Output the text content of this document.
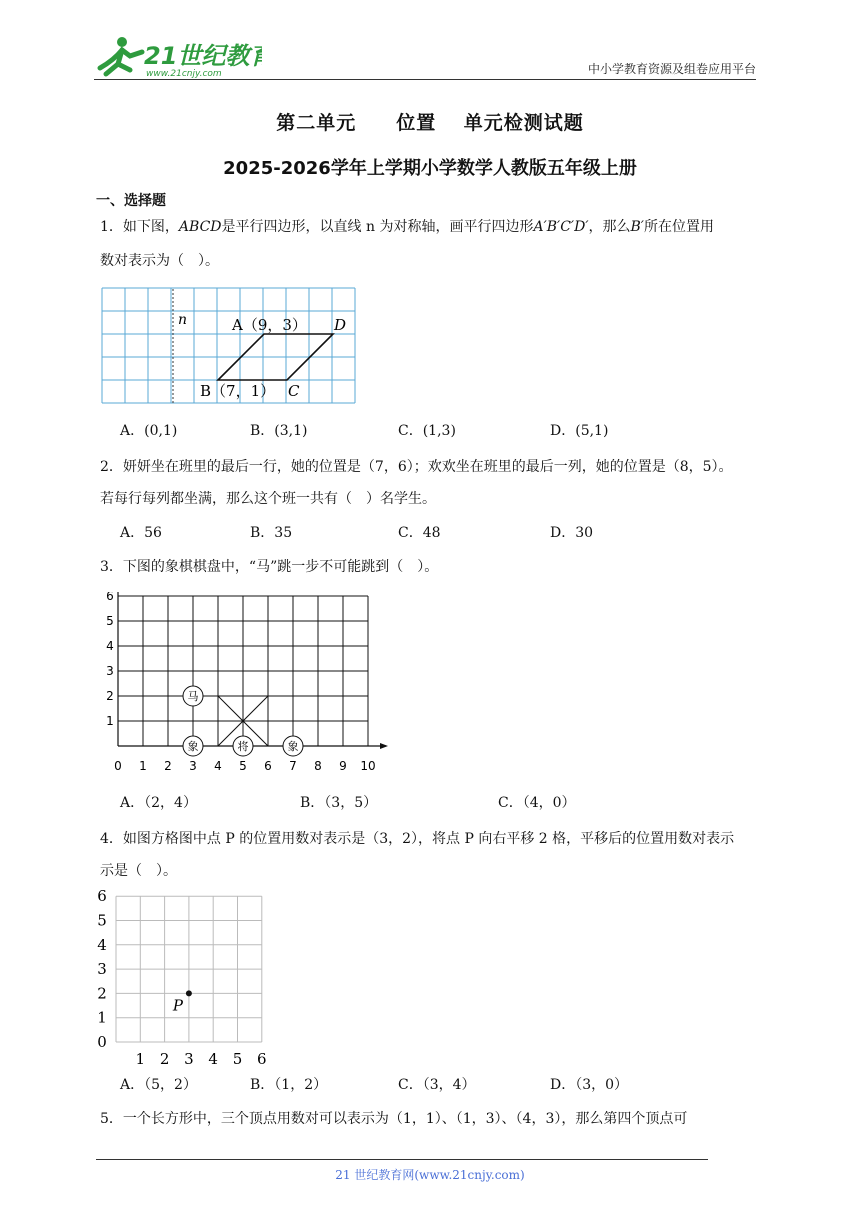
21世纪教育
www.21cnjy.com	中小学教育资源及组卷应用平台
第二单元　　位置　 单元检测试题
2025-2026学年上学期小学数学人教版五年级上册
一、选择题
1．如下图，ABCD是平行四边形，以直线 n 为对称轴，画平行四边形A′B′C′D′，那么B′所在位置用
数对表示为（　）。
n	A（9，3） D
B（7，1） C
A．(0,1)	B．(3,1)	C．(1,3)	D．(5,1)
2．妍妍坐在班里的最后一行，她的位置是（7，6）；欢欢坐在班里的最后一列，她的位置是（8，5）。
若每行每列都坐满，那么这个班一共有（　）名学生。
A．56	B．35	C．48	D．30
3．下图的象棋棋盘中，“马”跳一步不可能跳到（　）。
0 1 2 3 4 5 6 7 8 9 10
1
2
3
4
5
6
马
象	将	象
A．（2，4）	B．（3，5）	C．（4，0）
4．如图方格图中点 P 的位置用数对表示是（3，2），将点 P 向右平移 2 格，平移后的位置用数对表示
示是（　）。
1 2 3 4 5 6
0
1
2
3
4
5
6
P
A．（5，2）	B．（1，2）	C．（3，4）	D．（3，0）
5．一个长方形中，三个顶点用数对可以表示为（1，1）、（1，3）、（4，3），那么第四个顶点可
21 世纪教育网(www.21cnjy.com)
